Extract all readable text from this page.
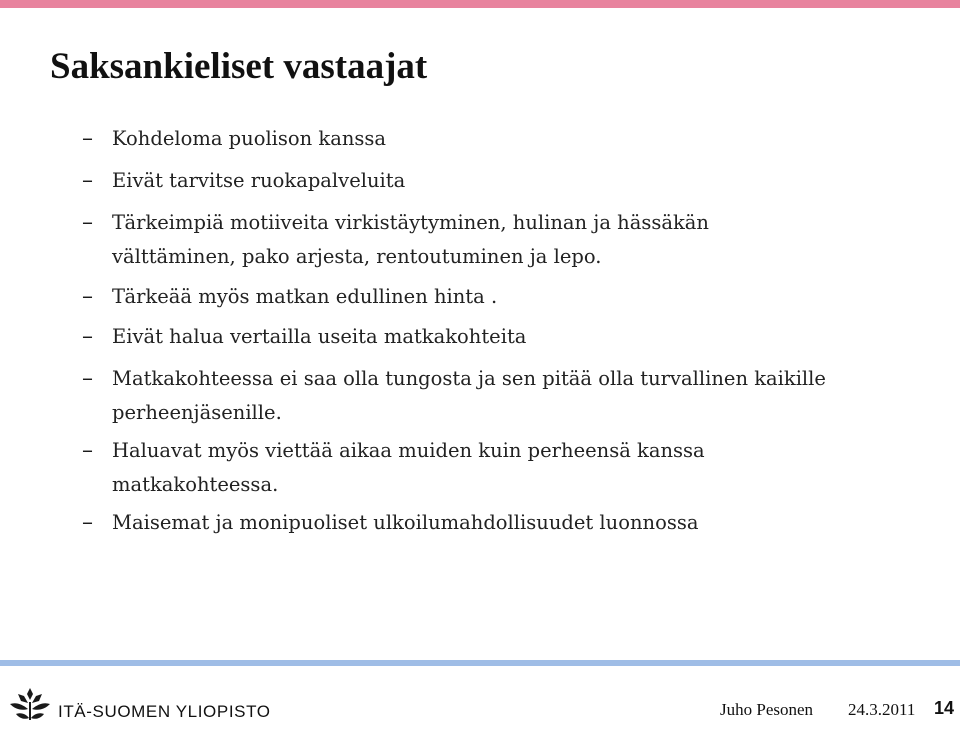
Saksankieliset vastaajat
– Kohdeloma puolison kanssa
– Eivät tarvitse ruokapalveluita
– Tärkeimpiä motiiveita virkistäytyminen, hulinan ja hässäkän välttäminen, pako arjesta, rentoutuminen ja lepo.
– Tärkeää myös matkan edullinen hinta .
– Eivät halua vertailla useita matkakohteita
– Matkakohteessa ei saa olla tungosta ja sen pitää olla turvallinen kaikille perheenjäsenille.
– Haluavat myös viettää aikaa muiden kuin perheensä kanssa matkakohteessa.
– Maisemat ja monipuoliset ulkoilumahdollisuudet luonnossa
ITÄ-SUOMEN YLIOPISTO	Juho Pesonen 24.3.2011 14
